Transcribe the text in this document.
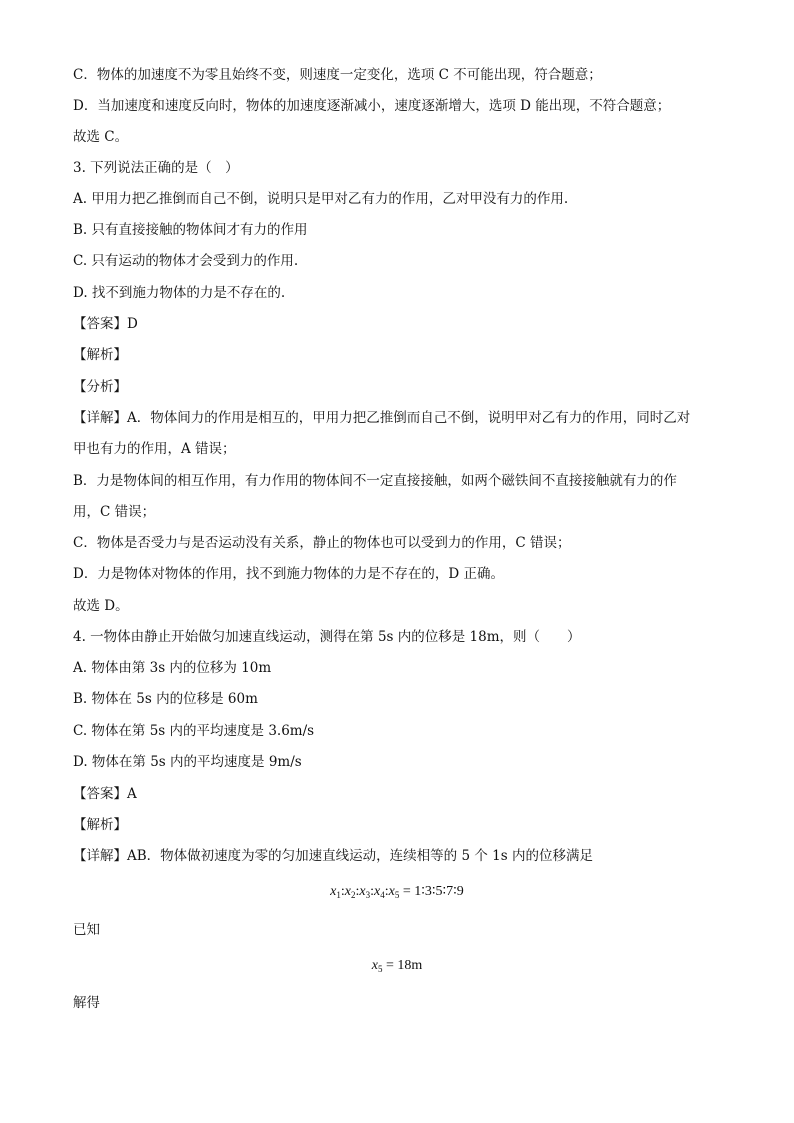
C．物体的加速度不为零且始终不变，则速度一定变化，选项 C 不可能出现，符合题意；
D．当加速度和速度反向时，物体的加速度逐渐减小，速度逐渐增大，选项 D 能出现，不符合题意；
故选 C。
3. 下列说法正确的是（　）
A. 甲用力把乙推倒而自己不倒，说明只是甲对乙有力的作用，乙对甲没有力的作用.
B. 只有直接接触的物体间才有力的作用
C. 只有运动的物体才会受到力的作用.
D. 找不到施力物体的力是不存在的.
【答案】D
【解析】
【分析】
【详解】A．物体间力的作用是相互的，甲用力把乙推倒而自己不倒，说明甲对乙有力的作用，同时乙对
甲也有力的作用，A 错误；
B．力是物体间的相互作用，有力作用的物体间不一定直接接触，如两个磁铁间不直接接触就有力的作
用，C 错误；
C．物体是否受力与是否运动没有关系，静止的物体也可以受到力的作用，C 错误；
D．力是物体对物体的作用，找不到施力物体的力是不存在的，D 正确。
故选 D。
4. 一物体由静止开始做匀加速直线运动，测得在第 5s 内的位移是 18m，则（　　）
A. 物体由第 3s 内的位移为 10m
B. 物体在 5s 内的位移是 60m
C. 物体在第 5s 内的平均速度是 3.6m/s
D. 物体在第 5s 内的平均速度是 9m/s
【答案】A
【解析】
【详解】AB．物体做初速度为零的匀加速直线运动，连续相等的 5 个 1s 内的位移满足
$x_1:x_2:x_3:x_4:x_5$ = 1∶3∶5∶7∶9
已知
$x_5 = 18m$
解得
